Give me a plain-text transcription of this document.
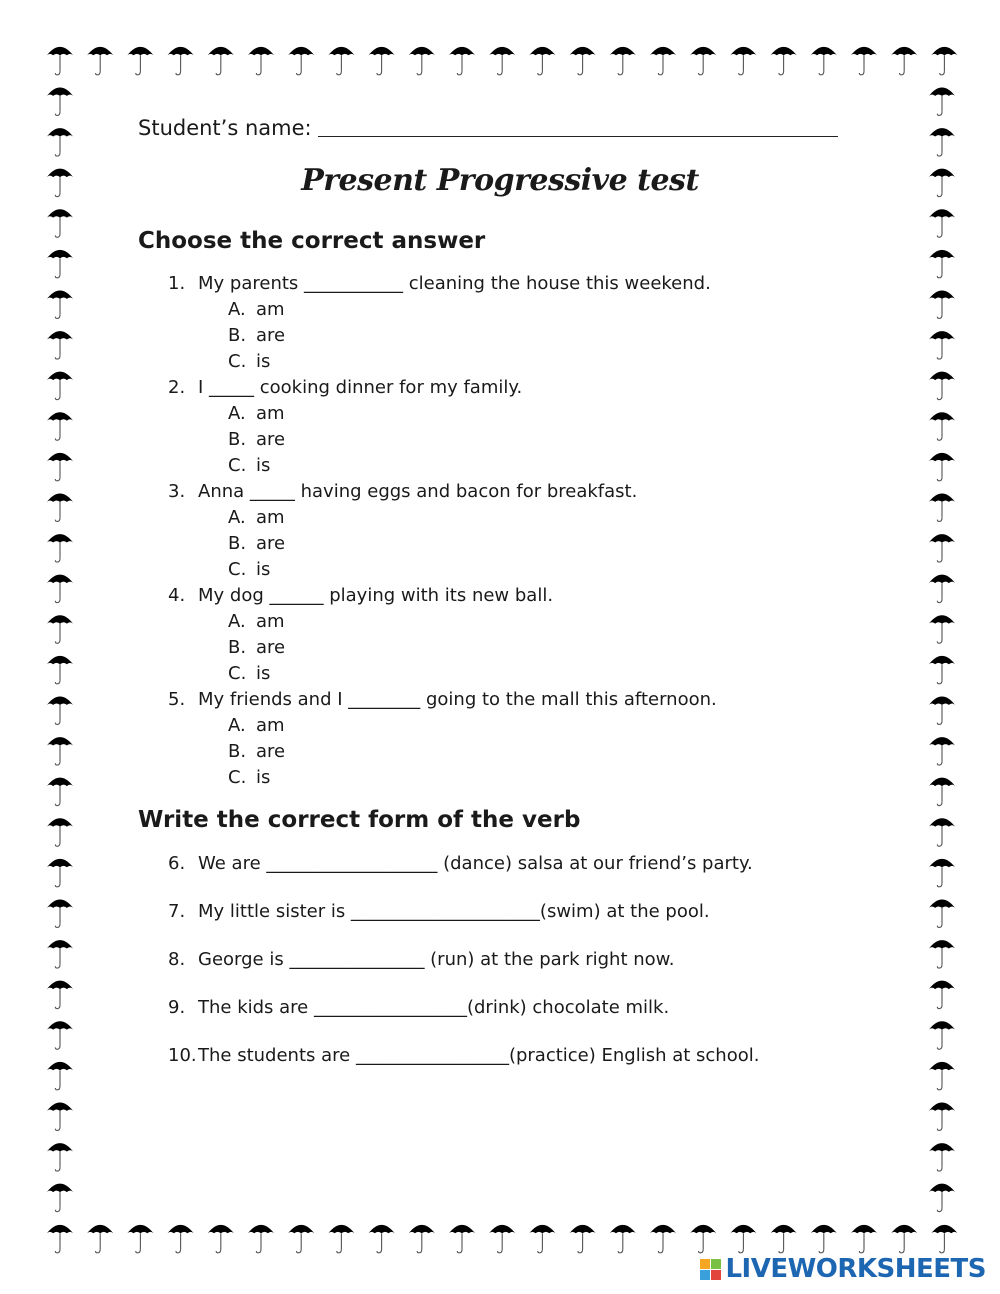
Student’s name:
Present Progressive test
Choose the correct answer
1. My parents ___________ cleaning the house this weekend.
A. am
B. are
C. is
2. I _____ cooking dinner for my family.
A. am
B. are
C. is
3. Anna _____ having eggs and bacon for breakfast.
A. am
B. are
C. is
4. My dog ______ playing with its new ball.
A. am
B. are
C. is
5. My friends and I ________ going to the mall this afternoon.
A. am
B. are
C. is
Write the correct form of the verb
6. We are ___________________ (dance) salsa at our friend’s party.
7. My little sister is _____________________(swim) at the pool.
8. George is _______________ (run) at the park right now.
9. The kids are _________________(drink) chocolate milk.
10.The students are _________________(practice) English at school.
LIVEWORKSHEETS
